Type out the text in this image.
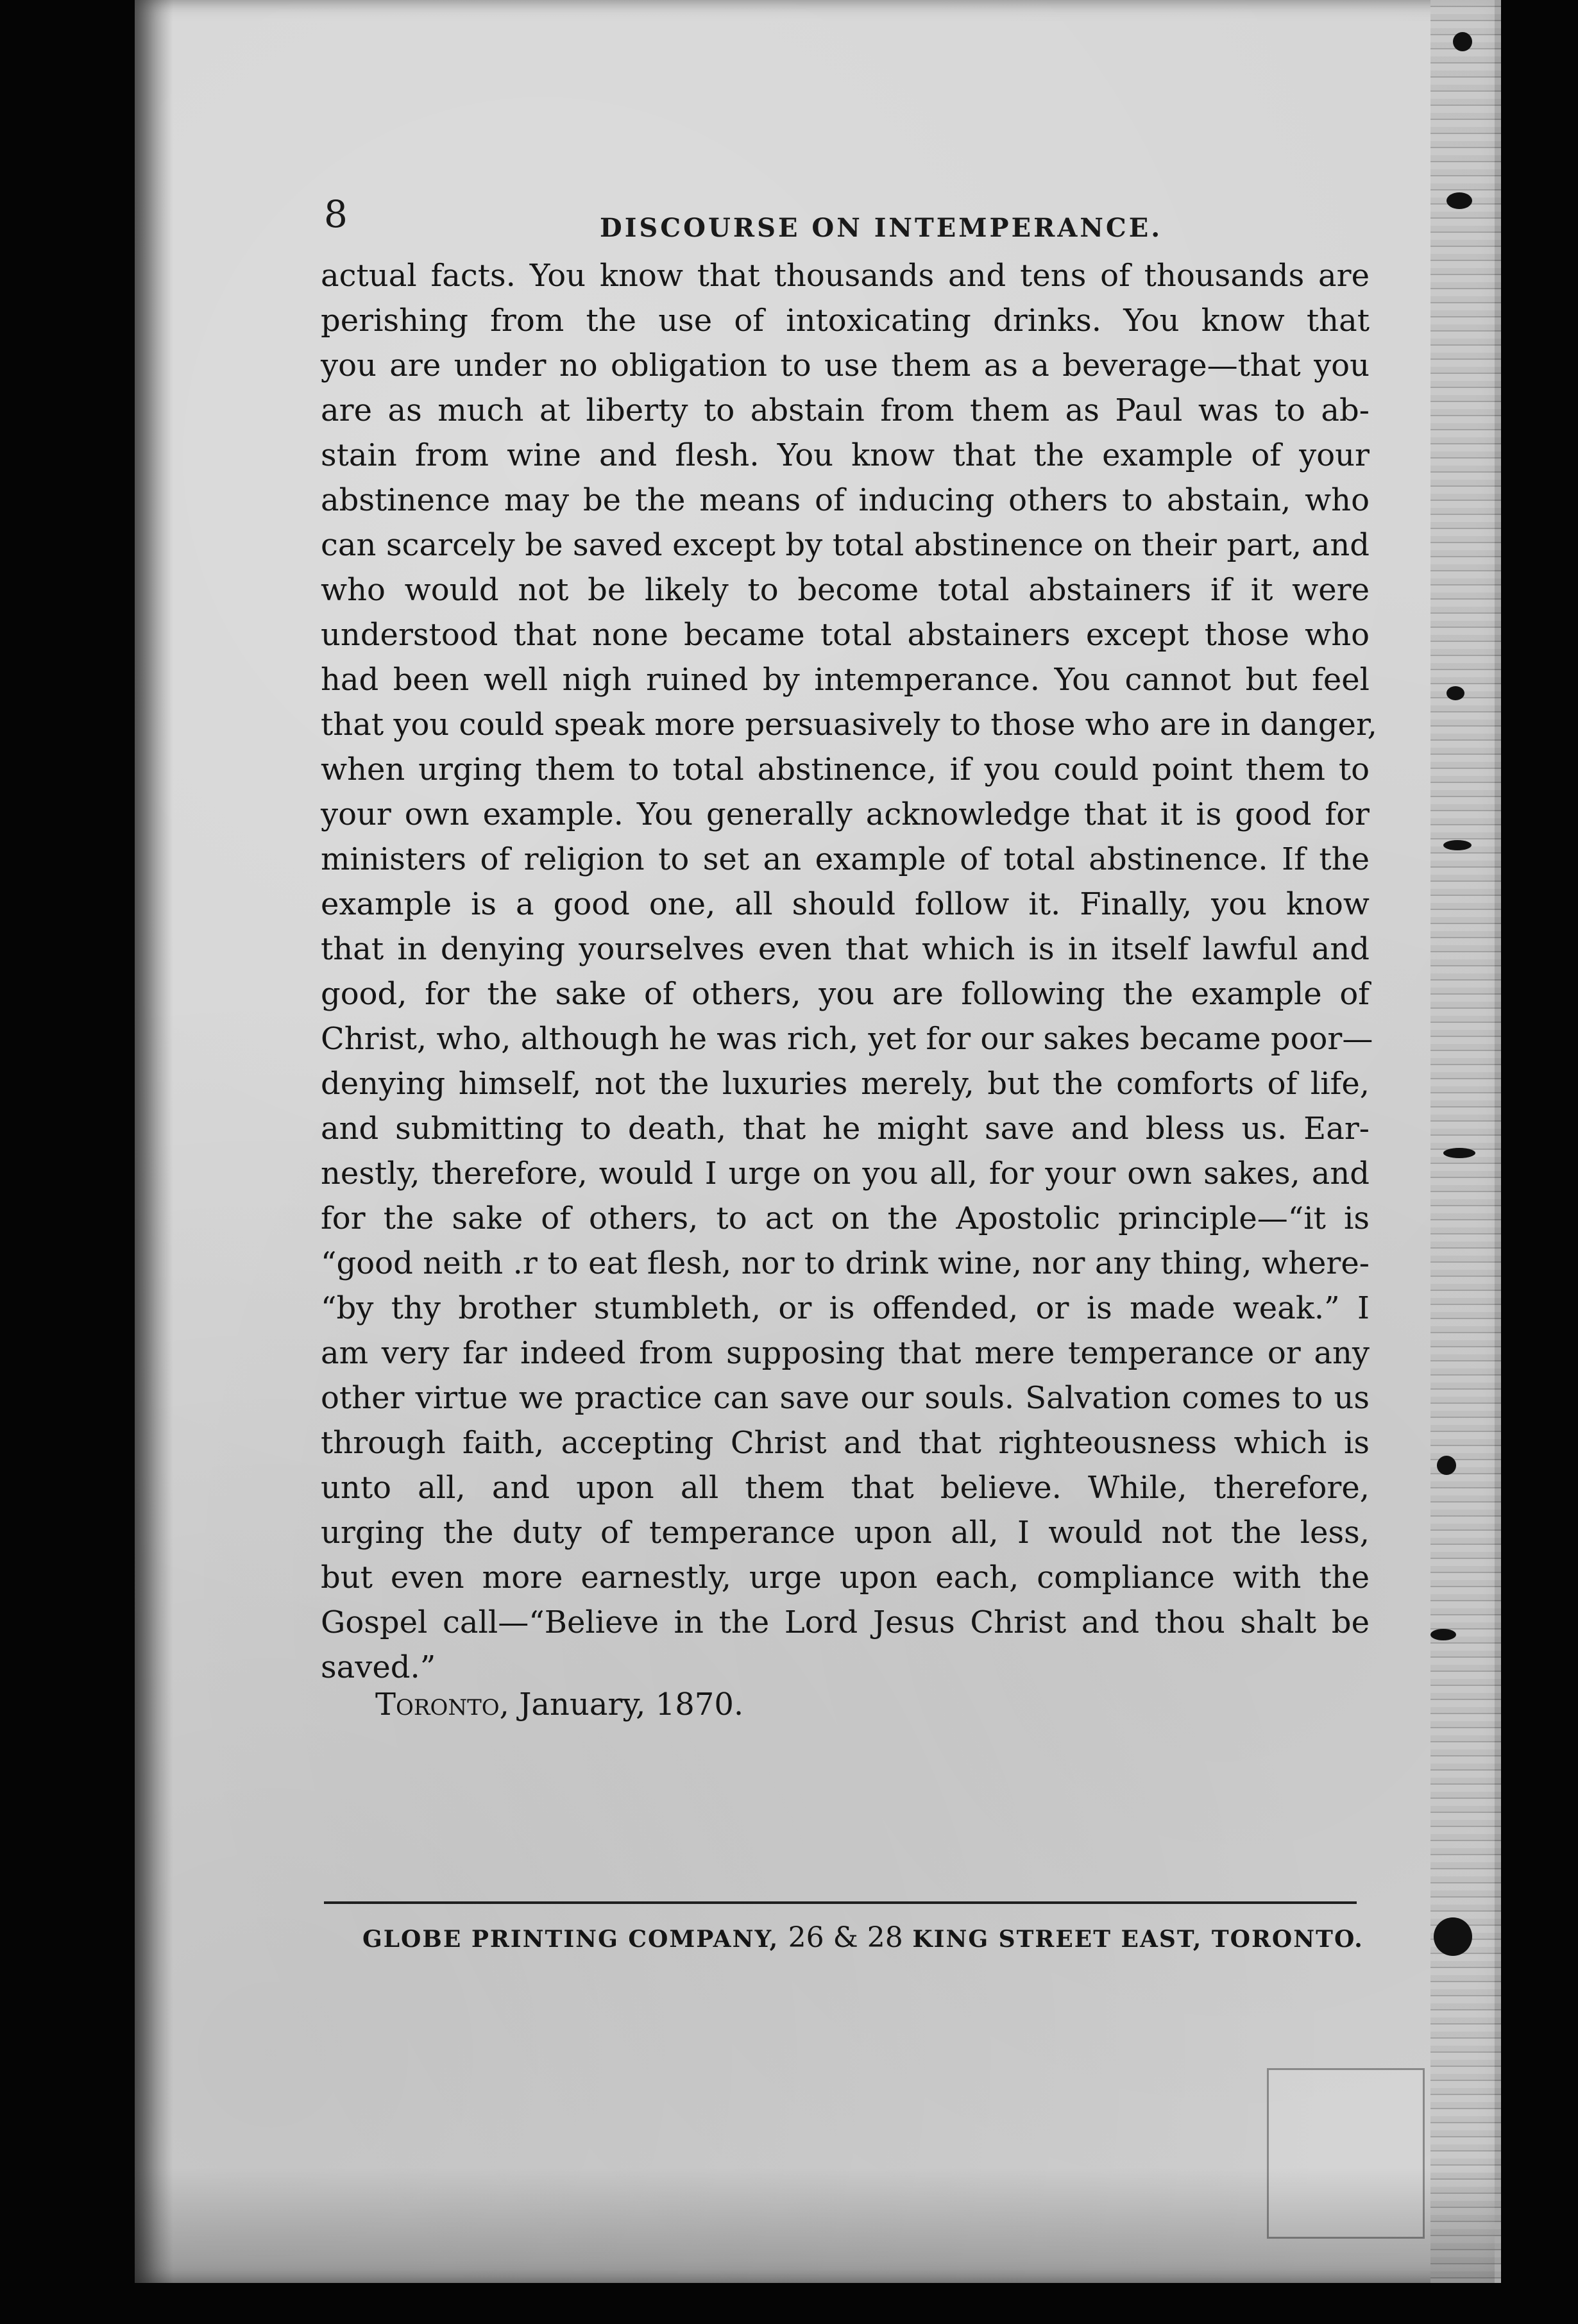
8	DISCOURSE ON INTEMPERANCE.
actual facts. You know that thousands and tens of thousands are
perishing from the use of intoxicating drinks. You know that
you are under no obligation to use them as a beverage—that you
are as much at liberty to abstain from them as Paul was to ab-
stain from wine and flesh. You know that the example of your
abstinence may be the means of inducing others to abstain, who
can scarcely be saved except by total abstinence on their part, and
who would not be likely to become total abstainers if it were
understood that none became total abstainers except those who
had been well nigh ruined by intemperance. You cannot but feel
that you could speak more persuasively to those who are in danger,
when urging them to total abstinence, if you could point them to
your own example. You generally acknowledge that it is good for
ministers of religion to set an example of total abstinence. If the
example is a good one, all should follow it. Finally, you know
that in denying yourselves even that which is in itself lawful and
good, for the sake of others, you are following the example of
Christ, who, although he was rich, yet for our sakes became poor—
denying himself, not the luxuries merely, but the comforts of life,
and submitting to death, that he might save and bless us. Ear-
nestly, therefore, would I urge on you all, for your own sakes, and
for the sake of others, to act on the Apostolic principle—“it is
“good neith .r to eat flesh, nor to drink wine, nor any thing, where-
“by thy brother stumbleth, or is offended, or is made weak.” I
am very far indeed from supposing that mere temperance or any
other virtue we practice can save our souls. Salvation comes to us
through faith, accepting Christ and that righteousness which is
unto all, and upon all them that believe. While, therefore,
urging the duty of temperance upon all, I would not the less,
but even more earnestly, urge upon each, compliance with the
Gospel call—“Believe in the Lord Jesus Christ and thou shalt be
saved.”
Toronto, January, 1870.
GLOBE PRINTING COMPANY, 26 & 28 KING STREET EAST, TORONTO.
